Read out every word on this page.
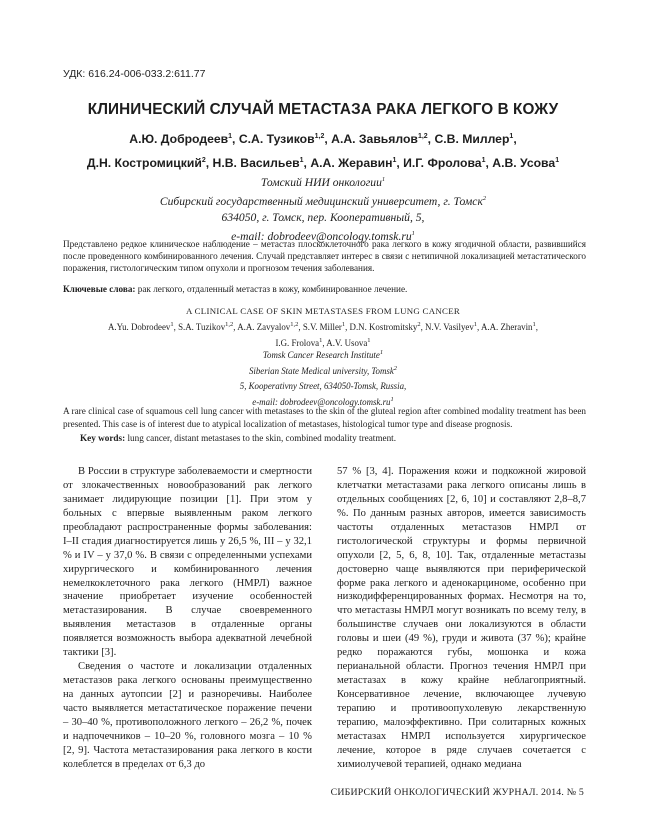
УДК: 616.24-006-033.2:611.77
КЛИНИЧЕСКИЙ СЛУЧАЙ МЕТАСТАЗА РАКА ЛЕГКОГО В КОЖУ
А.Ю. Добродеев$^1$, С.А. Тузиков$^{1,2}$, А.А. Завьялов$^{1,2}$, С.В. Миллер$^1$,
Д.Н. Костромицкий$^2$, Н.В. Васильев$^1$, А.А. Жеравин$^1$, И.Г. Фролова$^1$, А.В. Усова$^1$
Томский НИИ онкологии$^1$
Сибирский государственный медицинский университет, г. Томск$^2$
634050, г. Томск, пер. Кооперативный, 5,
e-mail: $dobrodeev@oncology.tomsk.ru^1$
Представлено редкое клиническое наблюдение – метастаз плоскоклеточного рака легкого в кожу ягодичной области, развившийся после проведенного комбинированного лечения. Случай представляет интерес в связи с нетипичной локализацией метастатического поражения, гистологическим типом опухоли и прогнозом течения заболевания.
Ключевые слова: рак легкого, отдаленный метастаз в кожу, комбинированное лечение.
A CLINICAL CASE OF SKIN METASTASES FROM LUNG CANCER
A.Yu. Dobrodeev$^1$, S.A. Tuzikov$^{1,2}$, A.A. Zavyalov$^{1,2}$, S.V. Miller$^1$, D.N. Kostromitsky$^2$, N.V. Vasilyev$^1$, A.A. Zheravin$^1$,
I.G. Frolova$^1$, A.V. Usova$^1$
Tomsk Cancer Research Institute$^1$
Siberian State Medical university, Tomsk$^2$
5, Kooperativny Street, 634050-Tomsk, Russia,
e-mail: $dobrodeev@oncology.tomsk.ru^1$
A rare clinical case of squamous cell lung cancer with metastases to the skin of the gluteal region after combined modality treatment has been presented. This case is of interest due to atypical localization of metastases, histological tumor type and disease prognosis.
Key words: lung cancer, distant metastases to the skin, combined modality treatment.

В России в структуре заболеваемости и смертности от злокачественных новообразований рак легкого занимает лидирующие позиции [1]. При этом у больных с впервые выявленным раком легкого преобладают распространенные формы заболевания: I–II стадия диагностируется лишь у 26,5 %, III – у 32,1 % и IV – у 37,0 %. В связи с определенными успехами хирургического и комбинированного лечения немелкоклеточного рака легкого (НМРЛ) важное значение приобретает изучение особенностей метастазирования. В случае своевременного выявления метастазов в отдаленные органы появляется возможность выбора адекватной лечебной тактики [3].

Сведения о частоте и локализации отдаленных метастазов рака легкого основаны преимущественно на данных аутопсии [2] и разноречивы. Наиболее часто выявляется метастатическое поражение печени – 30–40 %, противоположного легкого – 26,2 %, почек и надпочечников – 10–20 %, головного мозга – 10 % [2, 9]. Частота метастазирования рака легкого в кости колеблется в пределах от 6,3 до

57 % [3, 4]. Поражения кожи и подкожной жировой клетчатки метастазами рака легкого описаны лишь в отдельных сообщениях [2, 6, 10] и составляют 2,8–8,7 %. По данным разных авторов, имеется зависимость частоты отдаленных метастазов НМРЛ от гистологической структуры и формы первичной опухоли [2, 5, 6, 8, 10]. Так, отдаленные метастазы достоверно чаще выявляются при периферической форме рака легкого и аденокарциноме, особенно при низкодифференцированных формах. Несмотря на то, что метастазы НМРЛ могут возникать по всему телу, в большинстве случаев они локализуются в области головы и шеи (49 %), груди и живота (37 %); крайне редко поражаются губы, мошонка и кожа перианальной области. Прогноз течения НМРЛ при метастазах в кожу крайне неблагоприятный. Консервативное лечение, включающее лучевую терапию и противоопухолевую лекарственную терапию, малоэффективно. При солитарных кожных метастазах НМРЛ используется хирургическое лечение, которое в ряде случаев сочетается с химиолучевой терапией, однако медиана

СИБИРСКИЙ ОНКОЛОГИЧЕСКИЙ ЖУРНАЛ. 2014. № 5
